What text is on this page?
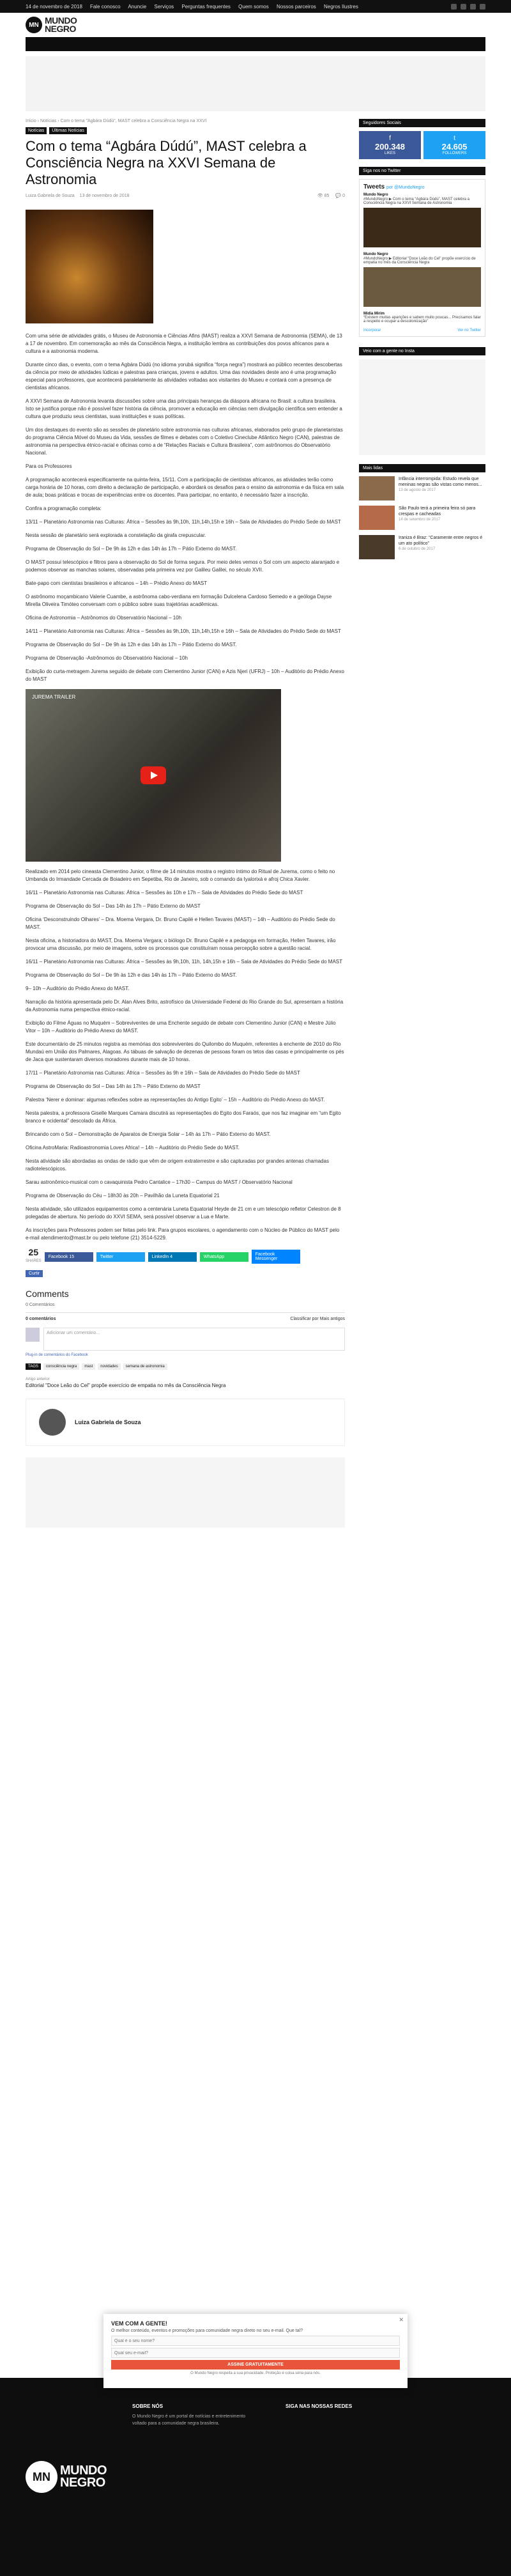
14 de novembro de 2018 Fale conosco Anuncie Serviços Perguntas frequentes Quem somos Nossos parceiros Negros Ilustres
MN MUNDO
NEGRO
Início › Notícias › Com o tema "Agbára Dúdú", MAST celebra a Consciência Negra na XXVI
Notícias	Últimas Notícias
Com o tema “Agbára Dúdú”, MAST celebra a Consciência Negra na XXVI Semana de Astronomia
Luiza Gabriela de Souza 13 de novembro de 2018	👁 85 💬 0

Com uma série de atividades grátis, o Museu de Astronomia e Ciências Afins (MAST) realiza a XXVI Semana de Astronomia (SEMA), de 13 a 17 de novembro. Em comemoração ao mês da Consciência Negra, a instituição lembra as contribuições dos povos africanos para a cultura e a astronomia moderna.

Durante cinco dias, o evento, com o tema Agbára Dúdú (no idioma yorubá significa “força negra”) mostrará ao público recentes descobertas da ciência por meio de atividades lúdicas e palestras para crianças, jovens e adultos. Uma das novidades deste ano é uma programação especial para professores, que acontecerá paralelamente às atividades voltadas aos visitantes do Museu e contará com a presença de cientistas africanos.

A XXVI Semana de Astronomia levanta discussões sobre uma das principais heranças da diáspora africana no Brasil: a cultura brasileira. Isto se justifica porque não é possível fazer história da ciência, promover a educação em ciências nem divulgação científica sem entender a cultura que produziu seus cientistas, suas instituições e suas políticas.

Um dos destaques do evento são as sessões de planetário sobre astronomia nas culturas africanas, elaborados pelo grupo de planetaristas do programa Ciência Móvel do Museu da Vida, sessões de filmes e debates com o Coletivo Cineclube Atlântico Negro (CAN), palestras de astronomia na perspectiva étnico-racial e oficinas como a de “Relações Raciais e Cultura Brasileira”, com astrônomos do Observatório Nacional.

Para os Professores

A programação acontecerá especificamente na quinta-feira, 15/11. Com a participação de cientistas africanos, as atividades terão como carga horária de 10 horas, com direito a declaração de participação, e abordará os desafios para o ensino da astronomia e da física em sala de aula; boas práticas e trocas de experiências entre os docentes. Para participar, no entanto, é necessário fazer a inscrição.

Confira a programação completa:

13/11 – Planetário Astronomia nas Culturas: África – Sessões às 9h,10h, 11h,14h,15h e 16h – Sala de Atividades do Prédio Sede do MAST

Nesta sessão de planetário será explorada a constelação da girafa crepuscular.

Programa de Observação do Sol – De 9h às 12h e das 14h às 17h – Pátio Externo do MAST.

O MAST possui telescópios e filtros para a observação do Sol de forma segura. Por meio deles vemos o Sol com um aspecto alaranjado e podemos observar as manchas solares, observadas pela primeira vez por Galileu Galilei, no século XVII.

Bate-papo com cientistas brasileiros e africanos – 14h – Prédio Anexo do MAST

O astrônomo moçambicano Valerie Cuambe, a astrônoma cabo-verdiana em formação Dulcelena Cardoso Semedo e a geóloga Dayse Mirella Oliveira Timóteo conversam com o público sobre suas trajetórias acadêmicas.

Oficina de Astronomia – Astrônomos do Observatório Nacional – 10h

14/11 – Planetário Astronomia nas Culturas: África – Sessões às 9h,10h, 11h,14h,15h e 16h – Sala de Atividades do Prédio Sede do MAST

Programa de Observação do Sol – De 9h às 12h e das 14h às 17h – Pátio Externo do MAST.

Programa de Observação -Astrônomos do Observatório Nacional – 10h

Exibição do curta-metragem Jurema seguido de debate com Clementino Junior (CAN) e Azis Njeri (UFRJ) – 10h – Auditório do Prédio Anexo do MAST

JUREMA TRAILER

Realizado em 2014 pelo cineasta Clementino Junior, o filme de 14 minutos mostra o registro íntimo do Ritual de Jurema, como o feito no Umbanda do Irmandade Cercada de Boiadeiro em Sepetiba, Rio de Janeiro, sob o comando da Iyalorixá e afroj Chica Xavier.

16/11 – Planetário Astronomia nas Culturas: África – Sessões às 10h e 17h – Sala de Atividades do Prédio Sede do MAST

Programa de Observação do Sol – Das 14h às 17h – Pátio Externo do MAST

Oficina ‘Desconstruindo Olhares’ – Dra. Moema Vergara, Dr. Bruno Capilé e Hellen Tavares (MAST) – 14h – Auditório do Prédio Sede do MAST.

Nesta oficina, a historiadora do MAST, Dra. Moema Vergara; o biólogo Dr. Bruno Capilé e a pedagoga em formação, Hellen Tavares, irão provocar uma discussão, por meio de imagens, sobre os processos que constituíram nossa percepção sobre a questão racial.

16/11 – Planetário Astronomia nas Culturas: África – Sessões às 9h,10h, 11h, 14h,15h e 16h – Sala de Atividades do Prédio Sede do MAST

Programa de Observação do Sol – De 9h às 12h e das 14h às 17h – Pátio Externo do MAST.

9– 10h – Auditório do Prédio Anexo do MAST.

Narração da história apresentada pelo Dr. Alan Alves Brito, astrofísico da Universidade Federal do Rio Grande do Sul, apresentam a história da Astronomia numa perspectiva étnico-racial.

Exibição do Filme Águas no Muquém – Sobreviventes de uma Enchente seguido de debate com Clementino Junior (CAN) e Mestre Júlio Vitor – 10h – Auditório do Prédio Anexo do MAST.

Este documentário de 25 minutos registra as memórias dos sobreviventes do Quilombo do Muquém, referentes à enchente de 2010 do Rio Mundaú em União dos Palmares, Alagoas. As tábuas de salvação de dezenas de pessoas foram os tetos das casas e principalmente os pés de Jaca que sustentaram diversos moradores durante mais de 10 horas.

17/11 – Planetário Astronomia nas Culturas: África – Sessões às 9h e 16h – Sala de Atividades do Prédio Sede do MAST

Programa de Observação do Sol – Das 14h às 17h – Pátio Externo do MAST

Palestra ‘Nerer e dominar: algumas reflexões sobre as representações do Antigo Egito’ – 15h – Auditório do Prédio Anexo do MAST.

Nesta palestra, a professora Giselle Marques Camara discutirá as representações do Egito dos Faraós, que nos faz imaginar em “um Egito branco e ocidental” descolado da África.

Brincando com o Sol – Demonstração de Aparatos de Energia Solar – 14h às 17h – Pátio Externo do MAST.

Oficina AstroMaria: Radioastronomia Loves Africa! – 14h – Auditório do Prédio Sede do MAST.

Nesta atividade são abordadas as ondas de rádio que vêm de origem extraterrestre e são capturadas por grandes antenas chamadas radiotelescópicos.

Sarau astronômico-musical com o cavaquinista Pedro Cantalice – 17h30 – Campus do MAST / Observatório Nacional

Programa de Observação do Céu – 18h30 às 20h – Pavilhão da Luneta Equatorial 21

Nesta atividade, são utilizados equipamentos como a centenária Luneta Equatorial Heyde de 21 cm e um telescópio refletor Celestron de 8 polegadas de abertura. No período do XXVI SEMA, será possível observar a Lua e Marte.

As inscrições para Professores podem ser feitas pelo link. Para grupos escolares, o agendamento com o Núcleo de Público do MAST pelo e-mail atendimento@mast.br ou pelo telefone (21) 3514-5229.

25
SHARES
Facebook 15	Twitter	LinkedIn 4	WhatsApp	Facebook Messenger
Curtir
Comments
0 Comentários
0 comentários	Classificar por Mais antigos
Adicionar um comentário...
Plug-in de comentários do Facebook
TAGS	consciência negra	mast	novidades	semana de astronomia
Artigo anterior
Editorial "Doce Leão do Cel" propõe exercício de empatia no mês da Consciência Negra
Luiza Gabriela de Souza
Seguidores Sociais
f
200.348
LIKES
t
24.605
FOLLOWERS
Siga nos no Twitter
Tweets por @MundoNegro
Mundo Negro
#MundoNegro ▶ Com o tema “Agbára Dúdú”, MAST celebra a Consciência Negra na XXVI Semana de Astronomia
Mundo Negro
#MundoNegro ▶ Editorial “Doce Leão do Cel” propõe exercício de empatia no mês da Consciência Negra
Midia Mirim
“Existem muitas aparições e sabem muito poucas... Precisamos falar a respeito e ocupar a descolonização”
Incorporar	Ver no Twitter
Veio com a gente no Insta
Mais lidas
Infância interrompida: Estudo revela que meninas negras são vistas como menos...
13 de agosto de 2017
São Paulo terá a primeira feira só para crespas e cacheadas
14 de setembro de 2017
Iraniza é Braz: “Caramente entre negros é um ato político”
6 de outubro de 2017
MN MUNDO
NEGRO
SOBRE NÓS

O Mundo Negro é um portal de notícias e entretenimento voltado para a comunidade negra brasileira.

SIGA NAS NOSSAS REDES
✕
VEM COM A GENTE!

O melhor conteúdo, eventos e promoções para comunidade negra direto no seu e-mail. Que tal?

Qual é o seu nome?
Qual seu e-mail?
ASSINE GRATUITAMENTE
O Mundo Negro respeita a sua privacidade. Proteção é coisa séria para nós.
